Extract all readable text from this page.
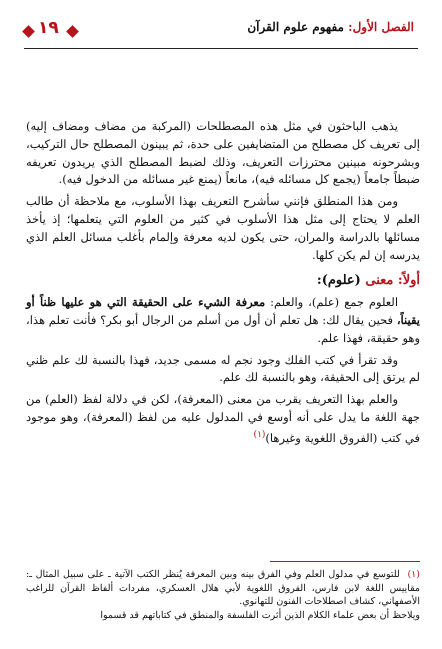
الفصل الأول: مفهوم علوم القرآن
١٩

يذهب الباحثون في مثل هذه المصطلحات (المركبة من مضاف ومضاف إليه) إلى تعريف كل مصطلح من المتضايفين على حدة، ثم يبينون المصطلح حال التركيب، وبشرحونه مبينين محترزات التعريف، وذلك لضبط المصطلح الذي يريدون تعريفه ضبطاً جامعاً (يجمع كل مسائله فيه)، مانعاً (يمنع غير مسائله من الدخول فيه).

ومن هذا المنطلق فإنني سأشرح التعريف بهذا الأسلوب، مع ملاحظة أن طالب العلم لا يحتاج إلى مثل هذا الأسلوب في كثير من العلوم التي يتعلمها؛ إذ يأخذ مسائلها بالدراسة والمران، حتى يكون لديه معرفة وإلمام بأغلب مسائل العلم الذي يدرسه إن لم يكن كلها.

أولاً: معنى (علوم):

العلوم جمع (علم)، والعلم: معرفة الشيء على الحقيقة التي هو عليها ظناً أو يقيناً، فحين يقال لك: هل تعلم أن أول من أسلم من الرجال أبو بكر؟ فأنت تعلم هذا، وهو حقيقة، فهذا علم.

وقد تقرأ في كتب الفلك وجود نجم له مسمى جديد، فهذا بالنسبة لك علم ظني لم يرتق إلى الحقيقة، وهو بالنسبة لك علم.

والعلم بهذا التعريف يقرب من معنى (المعرفة)، لكن في دلالة لفظ (العلم) من جهة اللغة ما يدل على أنه أوسع في المدلول عليه من لفظ (المعرفة)، وهو موجود في كتب (الفروق اللغوية وغيرها)$^{(١)}$

(١) للتوسع في مدلول العلم وفي الفرق بينه وبين المعرفة يُنظر الكتب الآتية ـ على سبيل المثال ـ: مقاييس اللغة لابن فارس، الفروق اللغوية لأبي هلال العسكري، مفردات ألفاظ القرآن للراغب الأصفهاني، كشاف اصطلاحات الفنون للتهانوي.

ويلاحظ أن بعض علماء الكلام الذين أثرت الفلسفة والمنطق في كتاباتهم قد قسموا
